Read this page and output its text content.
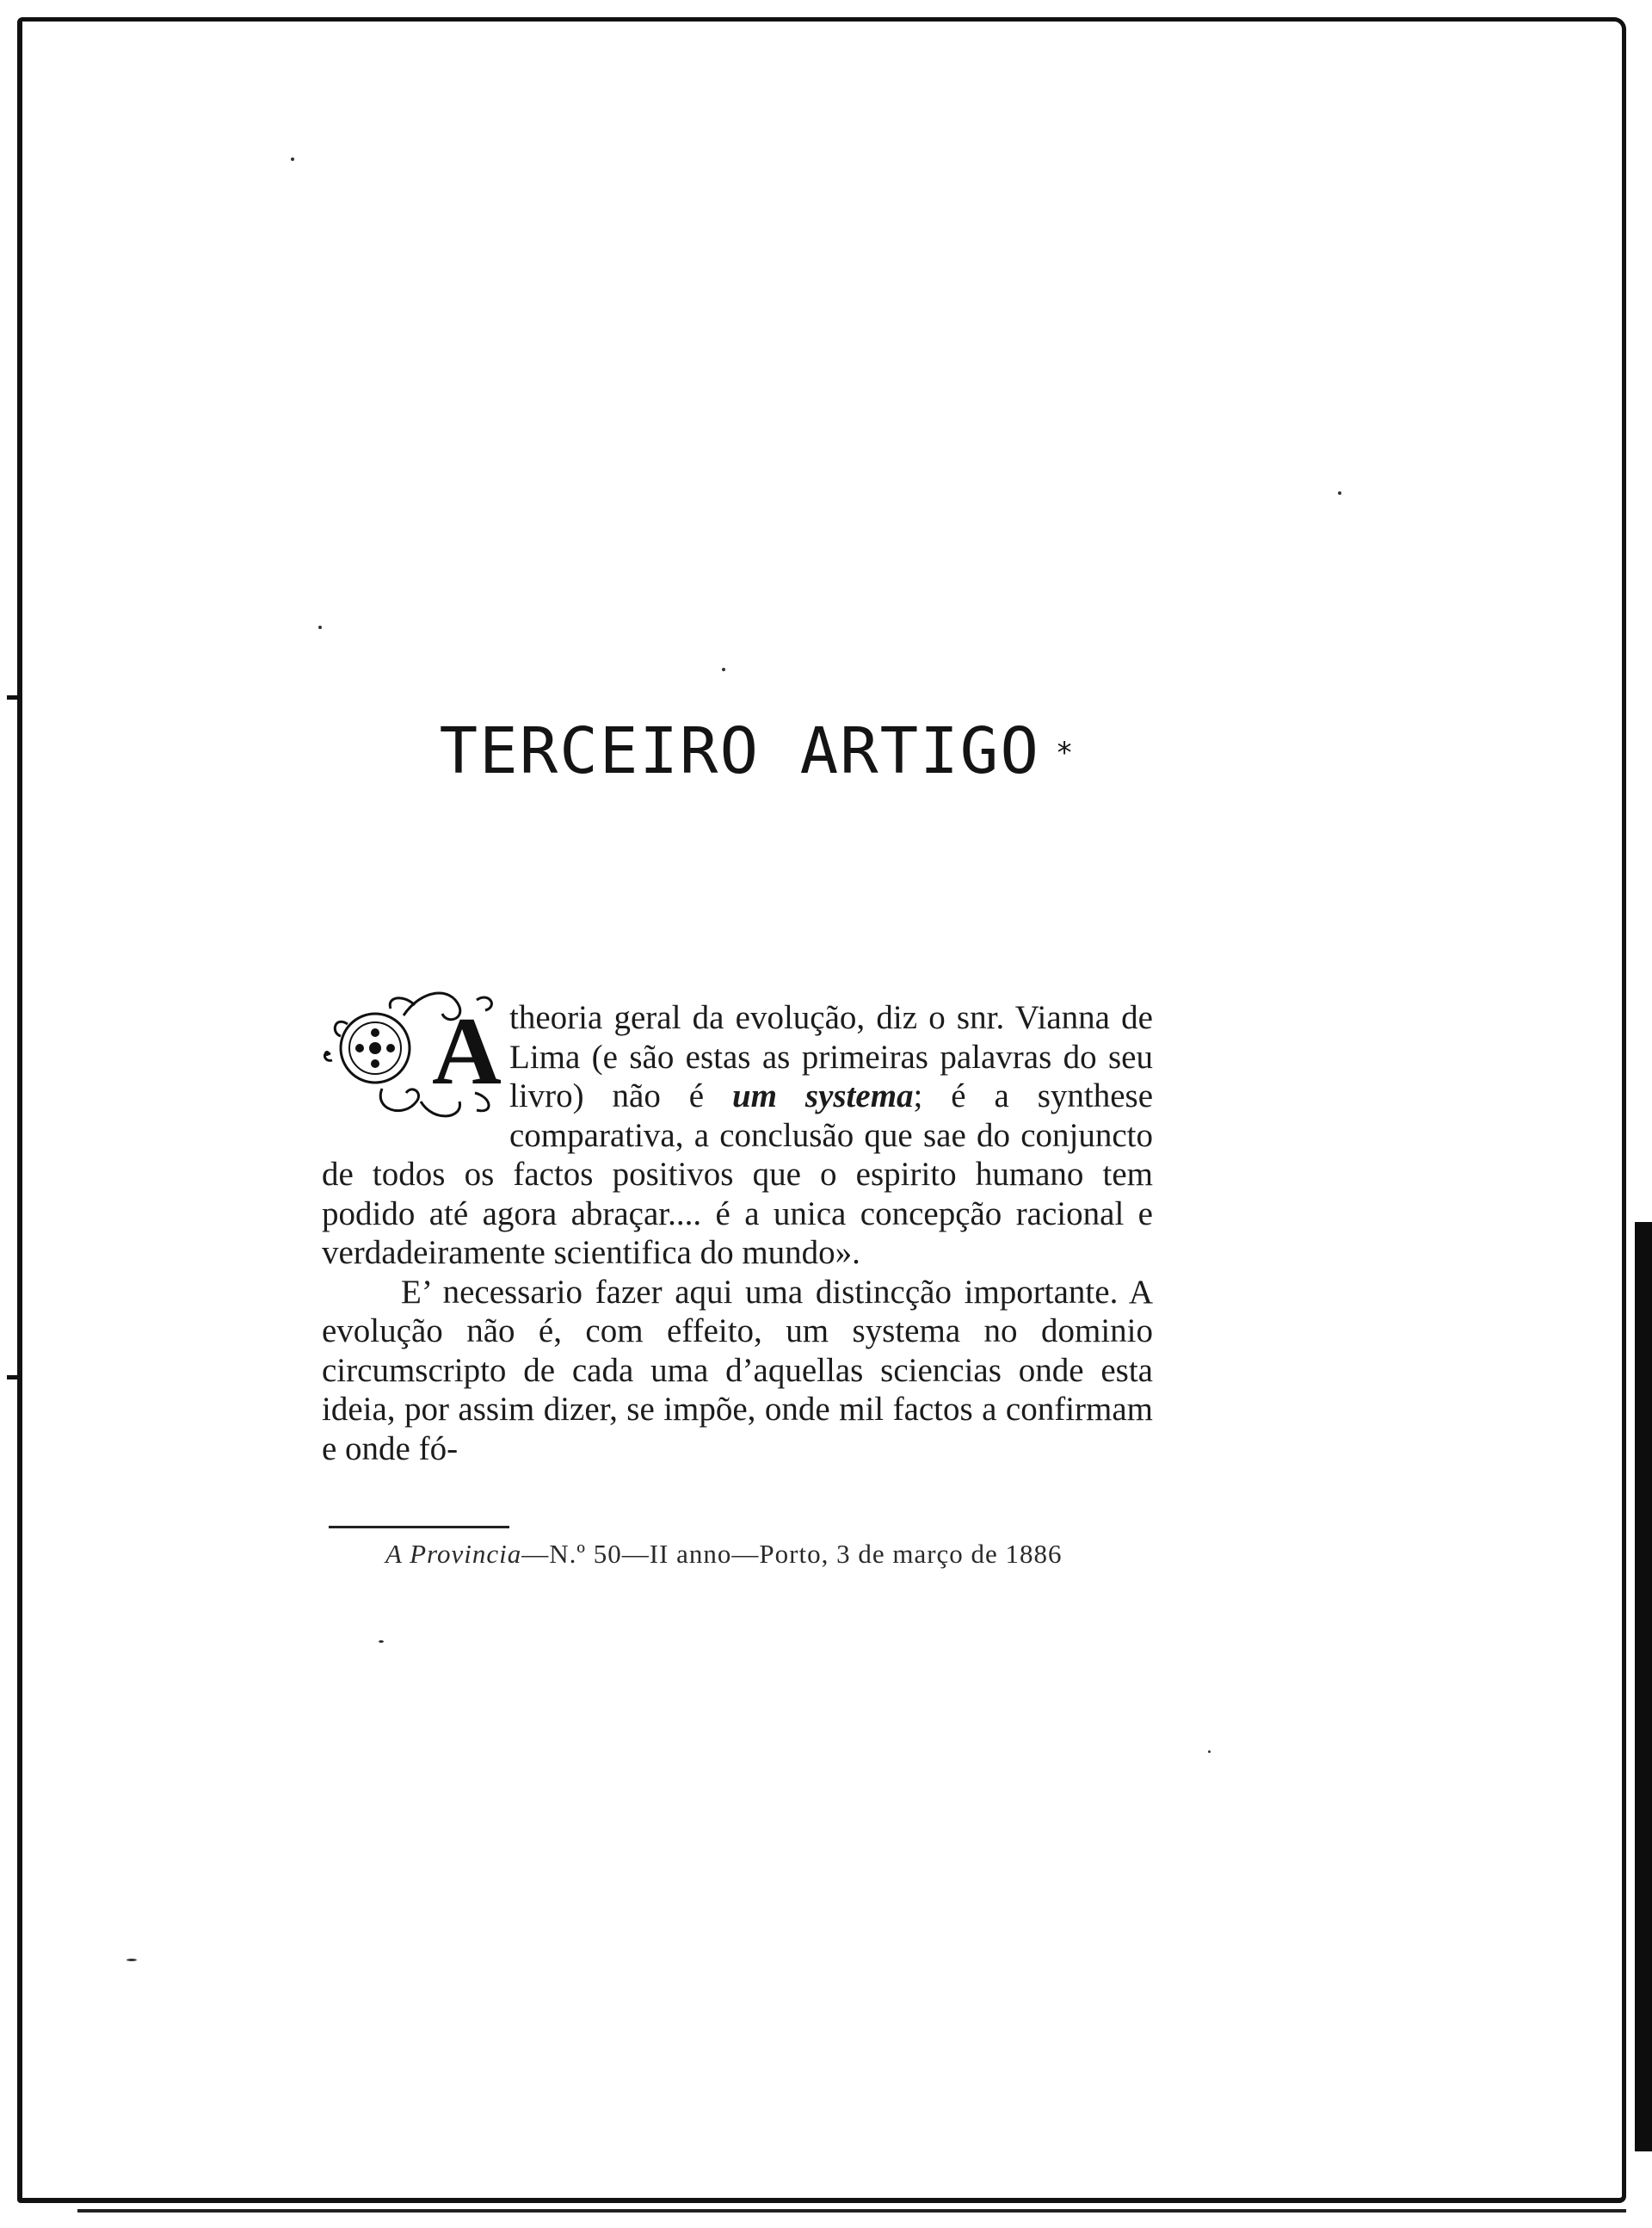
TERCEIRO ARTIGO *

A theoria geral da evolução, diz o snr. Vianna de Lima (e são estas as primeiras palavras do seu livro) não é um systema; é a synthese comparativa, a conclusão que sae do conjuncto de todos os factos positivos que o espirito humano tem podido até agora abraçar.... é a unica concepção racional e verdadeiramente scientifica do mundo».

E’ necessario fazer aqui uma distincção importante. A evolução não é, com effeito, um systema no dominio circumscripto de cada uma d’aquellas sciencias onde esta ideia, por assim dizer, se impõe, onde mil factos a confirmam e onde fó-

A Provincia—N.º 50—II anno—Porto, 3 de março de 1886
